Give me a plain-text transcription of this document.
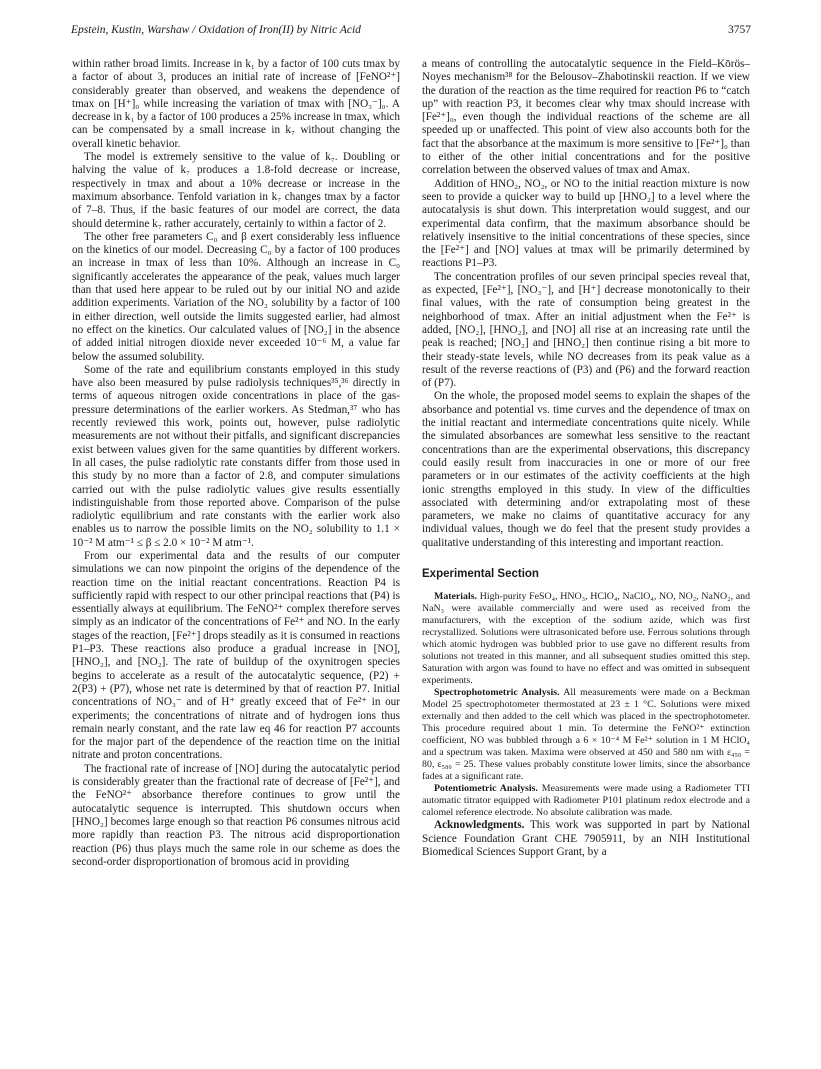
Epstein, Kustin, Warshaw / Oxidation of Iron(II) by Nitric Acid	3757

within rather broad limits. Increase in k₁ by a factor of 100 cuts tmax by a factor of about 3, produces an initial rate of increase of [FeNO²⁺] considerably greater than observed, and weakens the dependence of tmax on [H⁺]₀ while increasing the variation of tmax with [NO₃⁻]₀. A decrease in k₁ by a factor of 100 produces a 25% increase in tmax, which can be compensated by a small increase in k₇ without changing the overall kinetic behavior.

The model is extremely sensitive to the value of k₇. Doubling or halving the value of k₇ produces a 1.8-fold decrease or increase, respectively in tmax and about a 10% decrease or increase in the maximum absorbance. Tenfold variation in k₇ changes tmax by a factor of 7–8. Thus, if the basic features of our model are correct, the data should determine k₇ rather accurately, certainly to within a factor of 2.

The other free parameters C₀ and β exert considerably less influence on the kinetics of our model. Decreasing C₀ by a factor of 100 produces an increase in tmax of less than 10%. Although an increase in C₀ significantly accelerates the appearance of the peak, values much larger than that used here appear to be ruled out by our initial NO and azide addition experiments. Variation of the NO₂ solubility by a factor of 100 in either direction, well outside the limits suggested earlier, had almost no effect on the kinetics. Our calculated values of [NO₂] in the absence of added initial nitrogen dioxide never exceeded 10⁻⁶ M, a value far below the assumed solubility.

Some of the rate and equilibrium constants employed in this study have also been measured by pulse radiolysis techniques³⁵,³⁶ directly in terms of aqueous nitrogen oxide concentrations in place of the gas-pressure determinations of the earlier workers. As Stedman,³⁷ who has recently reviewed this work, points out, however, pulse radiolytic measurements are not without their pitfalls, and significant discrepancies exist between values given for the same quantities by different workers. In all cases, the pulse radiolytic rate constants differ from those used in this study by no more than a factor of 2.8, and computer simulations carried out with the pulse radiolytic values give results essentially indistinguishable from those reported above. Comparison of the pulse radiolytic equilibrium and rate constants with the earlier work also enables us to narrow the possible limits on the NO₂ solubility to 1.1 × 10⁻² M atm⁻¹ ≤ β ≤ 2.0 × 10⁻² M atm⁻¹.

From our experimental data and the results of our computer simulations we can now pinpoint the origins of the dependence of the reaction time on the initial reactant concentrations. Reaction P4 is sufficiently rapid with respect to our other principal reactions that (P4) is essentially always at equilibrium. The FeNO²⁺ complex therefore serves simply as an indicator of the concentrations of Fe²⁺ and NO. In the early stages of the reaction, [Fe²⁺] drops steadily as it is consumed in reactions P1–P3. These reactions also produce a gradual increase in [NO], [HNO₂], and [NO₂]. The rate of buildup of the oxynitrogen species begins to accelerate as a result of the autocatalytic sequence, (P2) + 2(P3) + (P7), whose net rate is determined by that of reaction P7. Initial concentrations of NO₃⁻ and of H⁺ greatly exceed that of Fe²⁺ in our experiments; the concentrations of nitrate and of hydrogen ions thus remain nearly constant, and the rate law eq 46 for reaction P7 accounts for the major part of the dependence of the reaction time on the initial nitrate and proton concentrations.

The fractional rate of increase of [NO] during the autocatalytic period is considerably greater than the fractional rate of decrease of [Fe²⁺], and the FeNO²⁺ absorbance therefore continues to grow until the autocatalytic sequence is interrupted. This shutdown occurs when [HNO₂] becomes large enough so that reaction P6 consumes nitrous acid more rapidly than reaction P3. The nitrous acid disproportionation reaction (P6) thus plays much the same role in our scheme as does the second-order disproportionation of bromous acid in providing

a means of controlling the autocatalytic sequence in the Field–Kōrös–Noyes mechanism³⁸ for the Belousov–Zhabotinskii reaction. If we view the duration of the reaction as the time required for reaction P6 to “catch up” with reaction P3, it becomes clear why tmax should increase with [Fe²⁺]₀, even though the individual reactions of the scheme are all speeded up or unaffected. This point of view also accounts both for the fact that the absorbance at the maximum is more sensitive to [Fe²⁺]₀ than to either of the other initial concentrations and for the positive correlation between the observed values of tmax and Amax.

Addition of HNO₂, NO₂, or NO to the initial reaction mixture is now seen to provide a quicker way to build up [HNO₂] to a level where the autocatalysis is shut down. This interpretation would suggest, and our experimental data confirm, that the maximum absorbance should be relatively insensitive to the initial concentrations of these species, since the [Fe²⁺] and [NO] values at tmax will be primarily determined by reactions P1–P3.

The concentration profiles of our seven principal species reveal that, as expected, [Fe²⁺], [NO₃⁻], and [H⁺] decrease monotonically to their final values, with the rate of consumption being greatest in the neighborhood of tmax. After an initial adjustment when the Fe²⁺ is added, [NO₂], [HNO₂], and [NO] all rise at an increasing rate until the peak is reached; [NO₂] and [HNO₂] then continue rising a bit more to their steady-state levels, while NO decreases from its peak value as a result of the reverse reactions of (P3) and (P6) and the forward reaction of (P7).

On the whole, the proposed model seems to explain the shapes of the absorbance and potential vs. time curves and the dependence of tmax on the initial reactant and intermediate concentrations quite nicely. While the simulated absorbances are somewhat less sensitive to the reactant concentrations than are the experimental observations, this discrepancy could easily result from inaccuracies in one or more of our free parameters or in our estimates of the activity coefficients at the high ionic strengths employed in this study. In view of the difficulties associated with determining and/or extrapolating most of these parameters, we make no claims of quantitative accuracy for any individual values, though we do feel that the present study provides a qualitative understanding of this interesting and important reaction.

Experimental Section

Materials. High-purity FeSO₄, HNO₃, HClO₄, NaClO₄, NO, NO₂, NaNO₂, and NaN₃ were available commercially and were used as received from the manufacturers, with the exception of the sodium azide, which was first recrystallized. Solutions were ultrasonicated before use. Ferrous solutions through which atomic hydrogen was bubbled prior to use gave no different results from solutions not treated in this manner, and all subsequent studies omitted this step. Saturation with argon was found to have no effect and was omitted in subsequent experiments.

Spectrophotometric Analysis. All measurements were made on a Beckman Model 25 spectrophotometer thermostated at 23 ± 1 °C. Solutions were mixed externally and then added to the cell which was placed in the spectrophotometer. This procedure required about 1 min. To determine the FeNO²⁺ extinction coefficient, NO was bubbled through a 6 × 10⁻⁴ M Fe²⁺ solution in 1 M HClO₄ and a spectrum was taken. Maxima were observed at 450 and 580 nm with ε₄₅₀ = 80, ε₅₈₀ = 25. These values probably constitute lower limits, since the absorbance fades at a significant rate.

Potentiometric Analysis. Measurements were made using a Radiometer TTI automatic titrator equipped with Radiometer P101 platinum redox electrode and a calomel reference electrode. No absolute calibration was made.

Acknowledgments. This work was supported in part by National Science Foundation Grant CHE 7905911, by an NIH Institutional Biomedical Sciences Support Grant, by a
